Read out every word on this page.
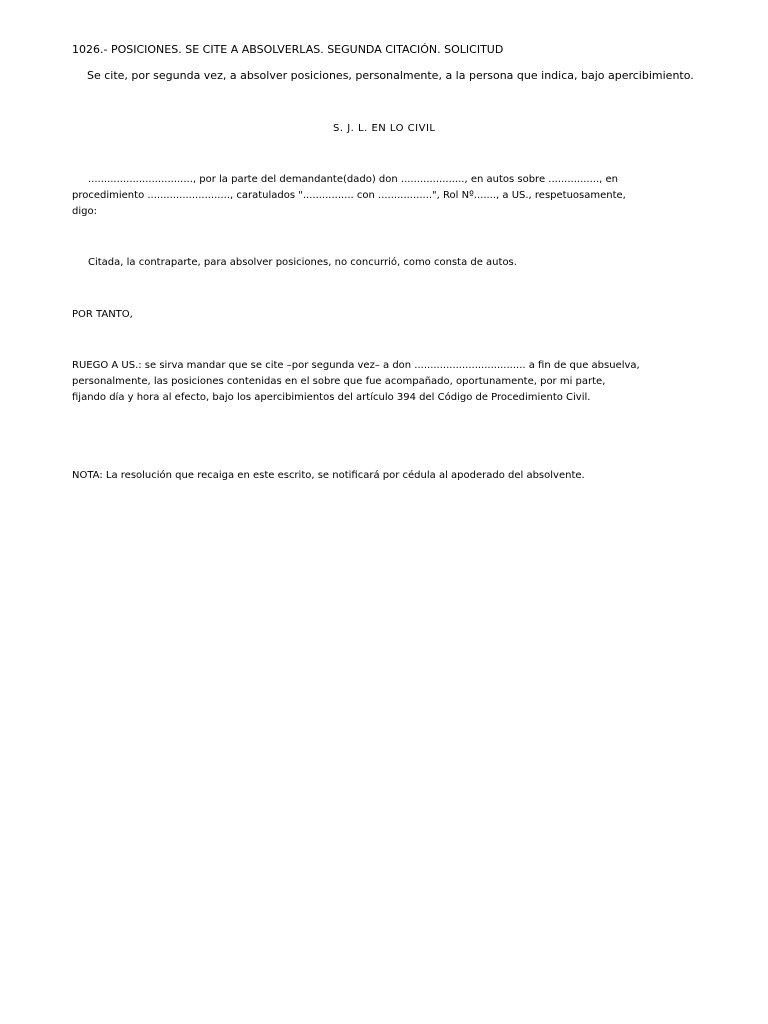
1026.- POSICIONES. SE CITE A ABSOLVERLAS. SEGUNDA CITACIÓN. SOLICITUD
Se cite, por segunda vez, a absolver posiciones, personalmente, a la persona que indica, bajo apercibimiento.
S. J. L. EN LO CIVIL
................................., por la parte del demandante(dado) don ...................., en autos sobre ................, en
procedimiento .........................., caratulados "................ con .................", Rol Nº......., a US., respetuosamente,
digo:
Citada, la contraparte, para absolver posiciones, no concurrió, como consta de autos.
POR TANTO,
RUEGO A US.: se sirva mandar que se cite –por segunda vez– a don ................................... a fin de que absuelva,
personalmente, las posiciones contenidas en el sobre que fue acompañado, oportunamente, por mi parte,
fijando día y hora al efecto, bajo los apercibimientos del artículo 394 del Código de Procedimiento Civil.
NOTA: La resolución que recaiga en este escrito, se notificará por cédula al apoderado del absolvente.
